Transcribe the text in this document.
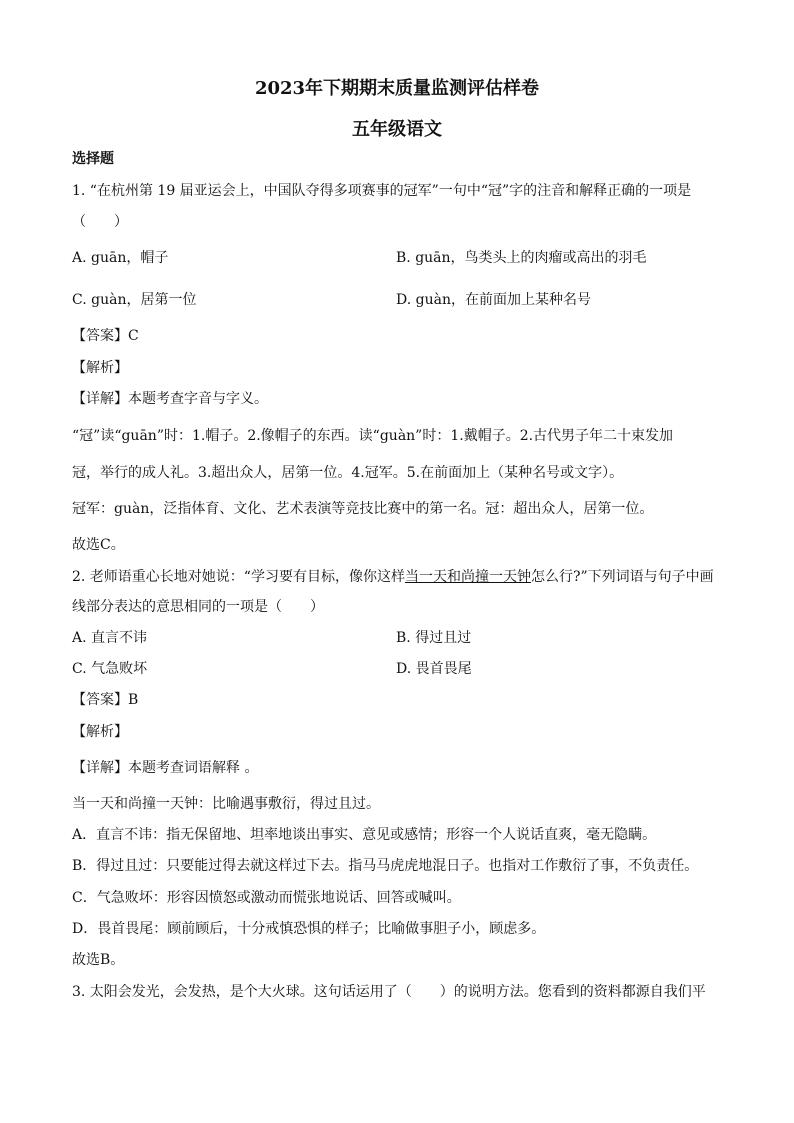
2023年下期期末质量监测评估样卷
五年级语文
选择题
1. “在杭州第 19 届亚运会上，中国队夺得多项赛事的冠军”一句中“冠”字的注音和解释正确的一项是
（　　）
A. guān，帽子	B. guān，鸟类头上的肉瘤或高出的羽毛
C. guàn，居第一位	D. guàn，在前面加上某种名号
【答案】C
【解析】
【详解】本题考查字音与字义。
“冠”读“guān”时：1.帽子。2.像帽子的东西。读“guàn”时：1.戴帽子。2.古代男子年二十束发加
冠，举行的成人礼。3.超出众人，居第一位。4.冠军。5.在前面加上（某种名号或文字）。
冠军：guàn，泛指体育、文化、艺术表演等竞技比赛中的第一名。冠：超出众人，居第一位。
故选C。
2. 老师语重心长地对她说：“学习要有目标，像你这样当一天和尚撞一天钟怎么行?”下列词语与句子中画
线部分表达的意思相同的一项是（　　）
A. 直言不讳	B. 得过且过
C. 气急败坏	D. 畏首畏尾
【答案】B
【解析】
【详解】本题考查词语解释 。
当一天和尚撞一天钟：比喻遇事敷衍，得过且过。
A．直言不讳：指无保留地、坦率地谈出事实、意见或感情；形容一个人说话直爽，毫无隐瞒。
B．得过且过：只要能过得去就这样过下去。指马马虎虎地混日子。也指对工作敷衍了事，不负责任。
C．气急败坏：形容因愤怒或激动而慌张地说话、回答或喊叫。
D．畏首畏尾：顾前顾后，十分戒慎恐惧的样子；比喻做事胆子小，顾虑多。
故选B。
3. 太阳会发光，会发热，是个大火球。这句话运用了（　　）的说明方法。您看到的资料都源自我们平
